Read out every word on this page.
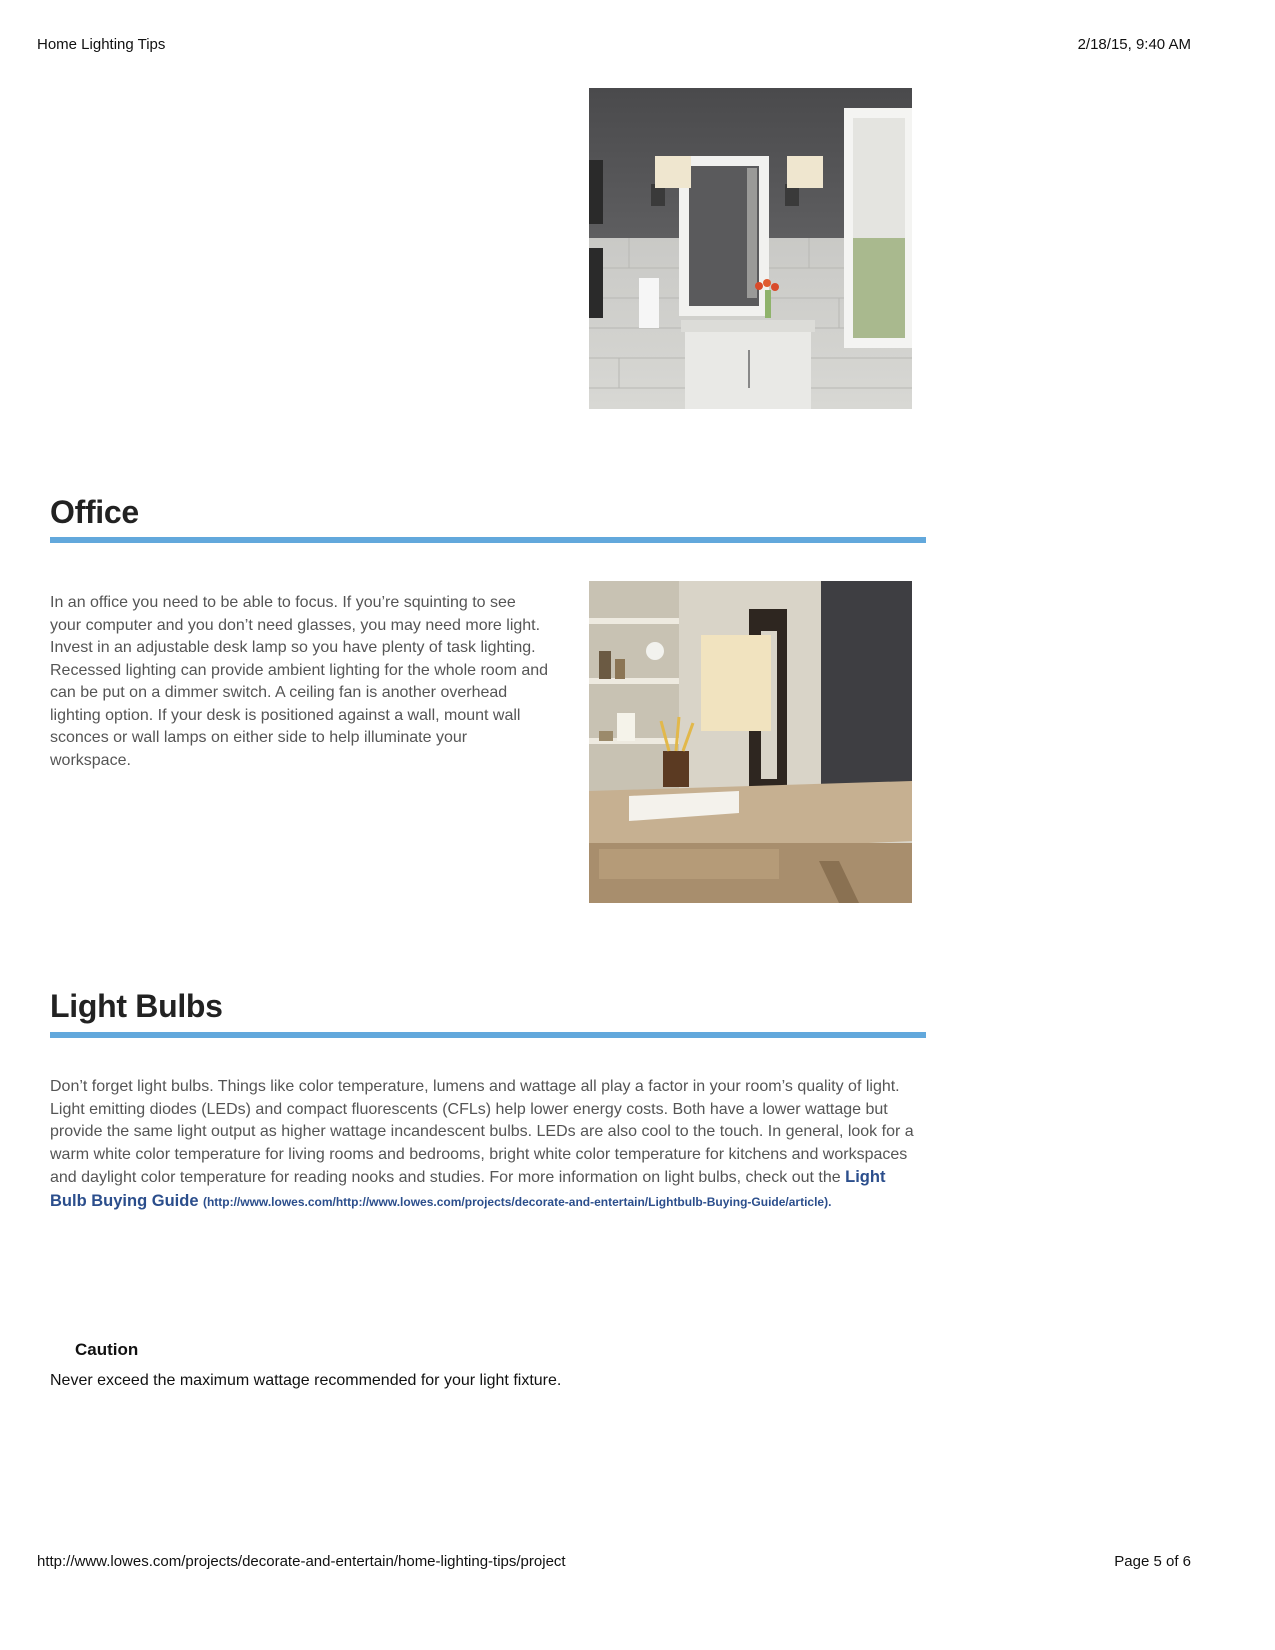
Home Lighting Tips	2/18/15, 9:40 AM
Office
In an office you need to be able to focus. If you’re squinting to see your computer and you don’t need glasses, you may need more light. Invest in an adjustable desk lamp so you have plenty of task lighting. Recessed lighting can provide ambient lighting for the whole room and can be put on a dimmer switch. A ceiling fan is another overhead lighting option. If your desk is positioned against a wall, mount wall sconces or wall lamps on either side to help illuminate your workspace.
Light Bulbs
Don’t forget light bulbs. Things like color temperature, lumens and wattage all play a factor in your room’s quality of light. Light emitting diodes (LEDs) and compact fluorescents (CFLs) help lower energy costs. Both have a lower wattage but provide the same light output as higher wattage incandescent bulbs. LEDs are also cool to the touch. In general, look for a warm white color temperature for living rooms and bedrooms, bright white color temperature for kitchens and workspaces and daylight color temperature for reading nooks and studies. For more information on light bulbs, check out the Light Bulb Buying Guide (http://www.lowes.com/http://www.lowes.com/projects/decorate-and-entertain/Lightbulb-Buying-Guide/article).
Caution
Never exceed the maximum wattage recommended for your light fixture.
http://www.lowes.com/projects/decorate-and-entertain/home-lighting-tips/project	Page 5 of 6
